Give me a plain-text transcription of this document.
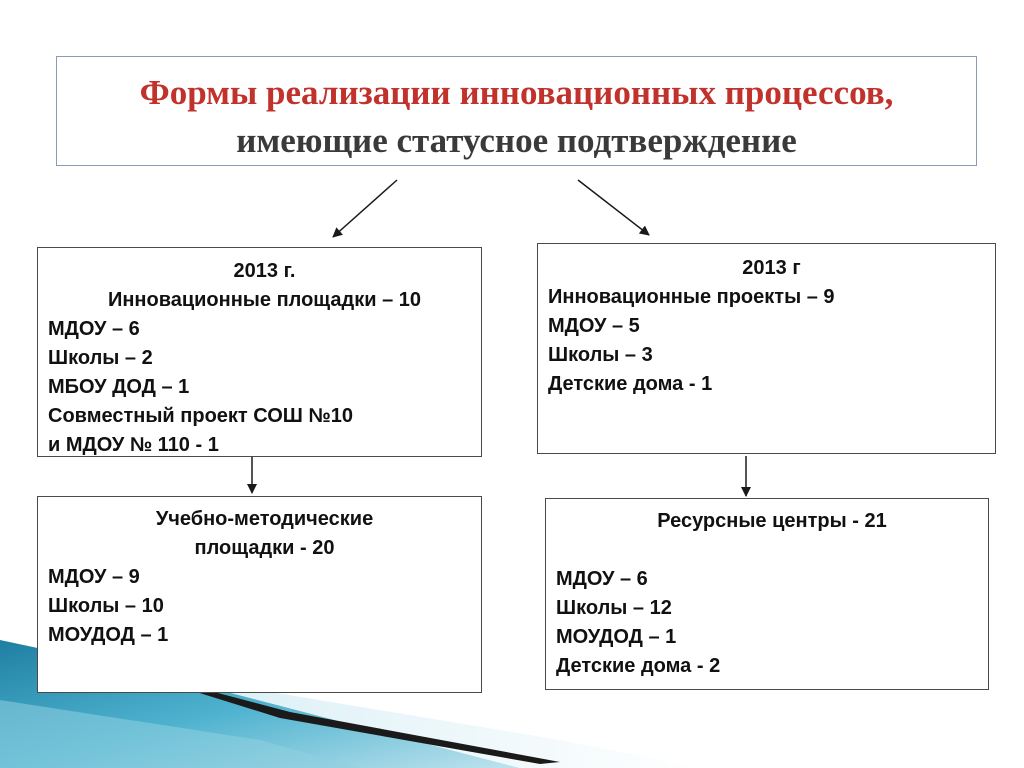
Формы реализации инновационных процессов,
имеющие статусное подтверждение
2013 г.
Инновационные площадки – 10
МДОУ – 6
Школы – 2
МБОУ ДОД – 1
Совместный проект СОШ №10
и МДОУ № 110 - 1
2013 г
Инновационные проекты – 9
МДОУ – 5
Школы – 3
Детские дома - 1
Учебно-методические
площадки - 20
МДОУ – 9
Школы – 10
МОУДОД – 1
Ресурсные центры - 21
МДОУ – 6
Школы – 12
МОУДОД – 1
Детские дома - 2
